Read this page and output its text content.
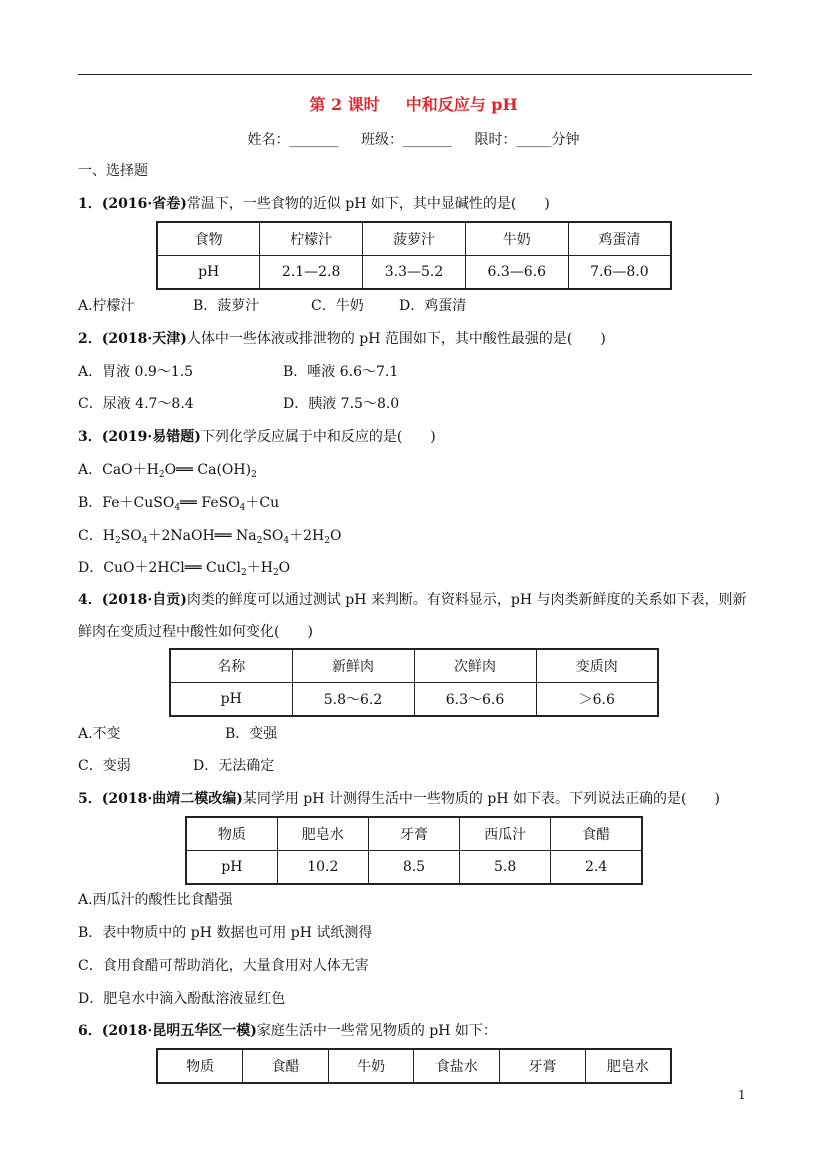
第 2 课时 中和反应与 pH
姓名：_______ 班级：_______ 限时：_____分钟
一、选择题
1．(2016·省卷)常温下，一些食物的近似 pH 如下，其中显碱性的是(　　)
食物	柠檬汁	菠萝汁	牛奶	鸡蛋清
pH	2.1—2.8	3.3—5.2	6.3—6.6	7.6—8.0
A.柠檬汁	B．菠萝汁	C．牛奶	D．鸡蛋清
2．(2018·天津)人体中一些体液或排泄物的 pH 范围如下，其中酸性最强的是(　　)
A．胃液 0.9～1.5	B．唾液 6.6～7.1
C．尿液 4.7～8.4	D．胰液 7.5～8.0
3．(2019·易错题)下列化学反应属于中和反应的是(　　)
A．$CaO+H_2O══$ $Ca(OH)_2$
B．Fe＋CuSO$_4$══ FeSO$_4$＋Cu
C．$H_2SO_4+2NaOH══$ $Na_2SO_4+2H_2O$
D．CuO＋2HCl══ $CuCl_2+H_2O$
4．(2018·自贡)肉类的鲜度可以通过测试 pH 来判断。有资料显示，pH 与肉类新鲜度的关系如下表，则新
鲜肉在变质过程中酸性如何变化(　　)
名称	新鲜肉	次鲜肉	变质肉
pH	5.8～6.2	6.3～6.6	＞6.6
A.不变	B．变强
C．变弱	D．无法确定
5．(2018·曲靖二模改编)某同学用 pH 计测得生活中一些物质的 pH 如下表。下列说法正确的是(　　)
物质	肥皂水	牙膏	西瓜汁	食醋
pH	10.2	8.5	5.8	2.4
A.西瓜汁的酸性比食醋强
B．表中物质中的 pH 数据也可用 pH 试纸测得
C．食用食醋可帮助消化，大量食用对人体无害
D．肥皂水中滴入酚酞溶液显红色
6．(2018·昆明五华区一模)家庭生活中一些常见物质的 pH 如下：
物质	食醋	牛奶	食盐水	牙膏	肥皂水
1
